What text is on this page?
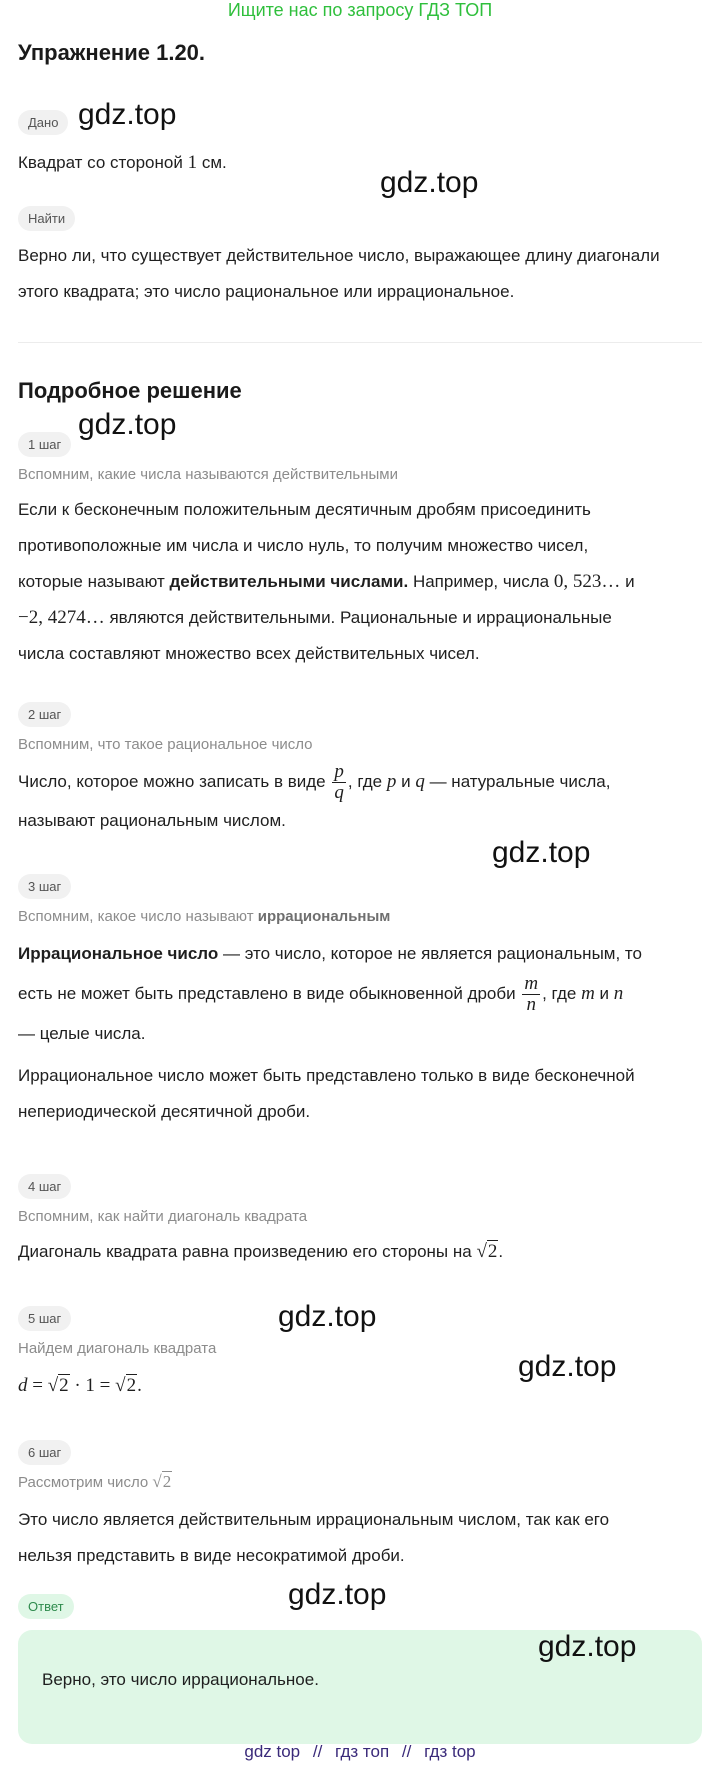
Ищите нас по запросу ГДЗ ТОП
Упражнение 1.20.
Дано gdz.top
Квадрат со стороной 1 см.
gdz.top
Найти
Верно ли, что существует действительное число, выражающее длину диагонали этого квадрата; это число рациональное или иррациональное.
Подробное решение
1 шаг
gdz.top
Вспомним, какие числа называются действительными
Если к бесконечным положительным десятичным дробям присоединить
противоположные им числа и число нуль, то получим множество чисел,
которые называют действительными числами. Например, числа 0, 523… и
−2, 4274… являются действительными. Рациональные и иррациональные
числа составляют множество всех действительных чисел.
2 шаг
Вспомним, что такое рациональное число
Число, которое можно записать в виде $\frac{p}{q}$ , где p и q — натуральные числа,
называют рациональным числом.
gdz.top
3 шаг
Вспомним, какое число называют иррациональным
Иррациональное число — это число, которое не является рациональным, то
есть не может быть представлено в виде обыкновенной дроби $\frac{m}{n}$ , где m и n
— целые числа.
Иррациональное число может быть представлено только в виде бесконечной
непериодической десятичной дроби.
4 шаг
Вспомним, как найти диагональ квадрата
Диагональ квадрата равна произведению его стороны на √2.
5 шаг	gdz.top
Найдем диагональ квадрата
gdz.top
d = √2 · 1 = √2.
6 шаг
Рассмотрим число √2
Это число является действительным иррациональным числом, так как его
нельзя представить в виде несократимой дроби.
gdz.top
Ответ
gdz.top
Верно, это число иррациональное.
gdz top // гдз топ // гдз top
